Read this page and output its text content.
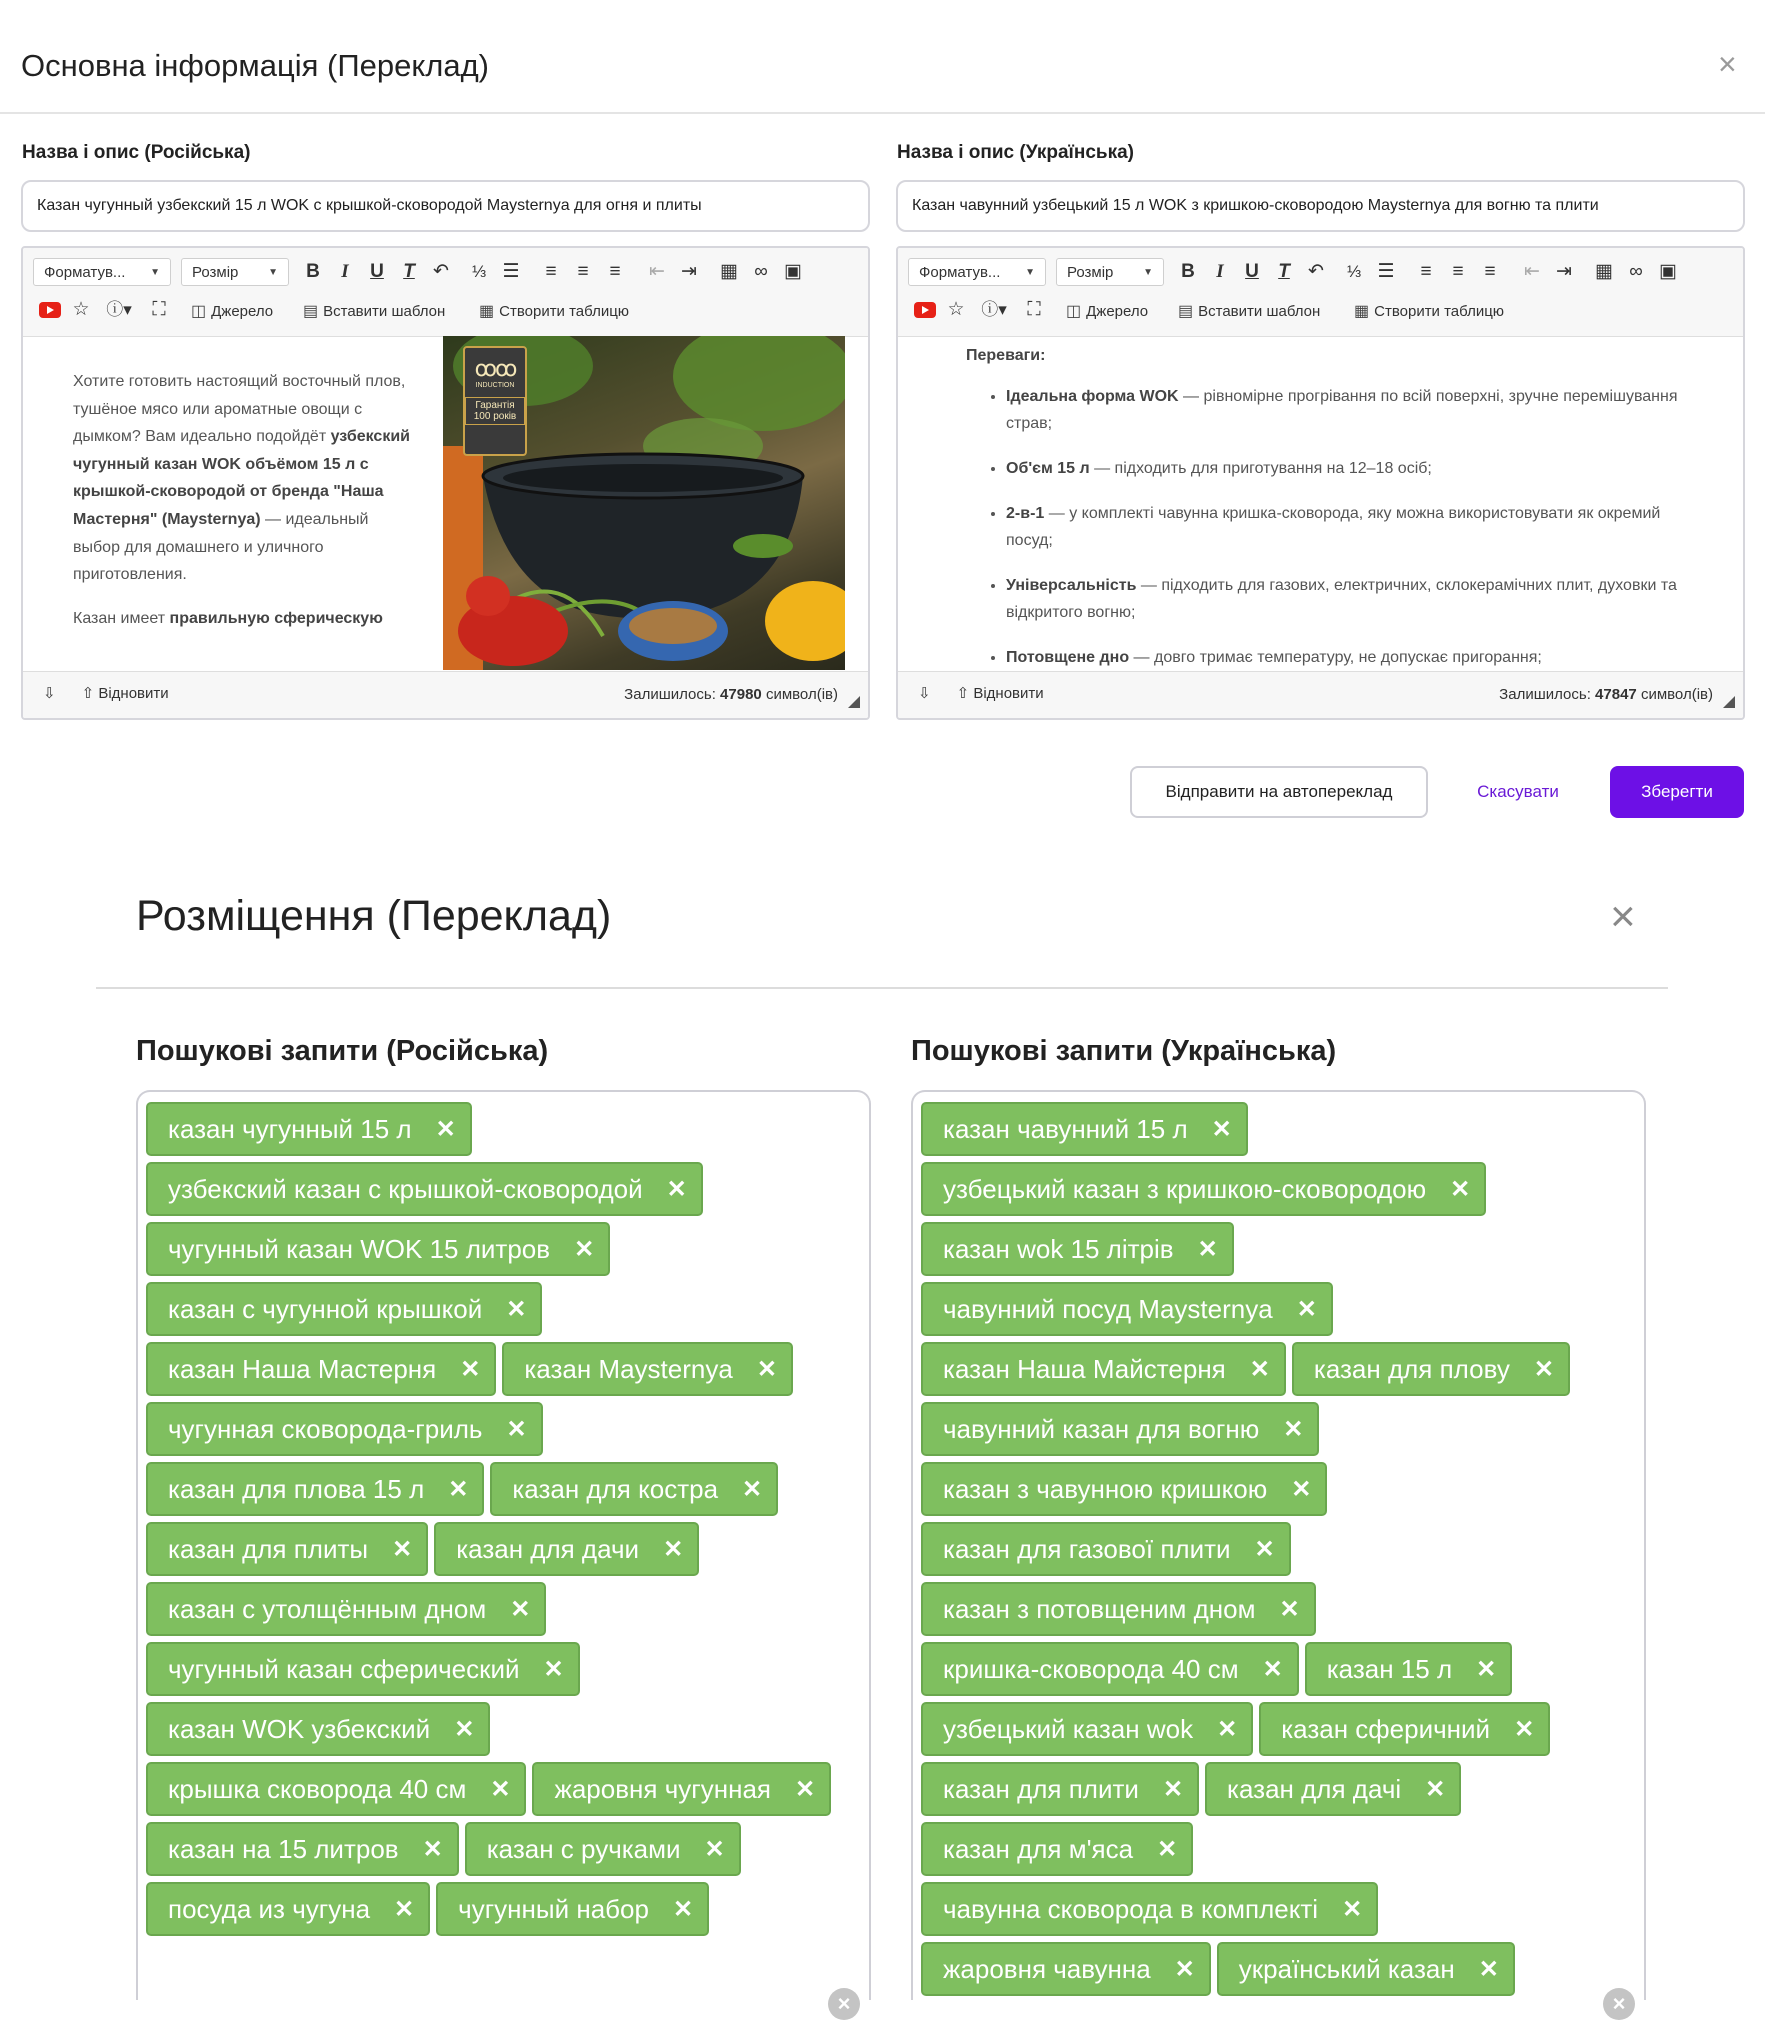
Основна інформація (Переклад)	×
Назва і опис (Російська)
Казан чугунный узбекский 15 л WOK с крышкой-сковородой Maysternya для огня и плиты
Форматув... ▼ Розмір	▼ B	I	U	T ↶ ⅓ ☰	≡	≡	≡	⇤ ⇥ ▦ ∞ ▣
☆ ⓘ▾ ⛶	◫ Джерело ▤ Вставити шаблон ▦ Створити таблицю

Хотите готовить настоящий восточный плов, тушёное мясо или ароматные овощи с дымком? Вам идеально подойдёт узбекский чугунный казан WOK объёмом 15 л с крышкой-сковородой от бренда "Наша Мастерня" (Maysternya) — идеальный выбор для домашнего и уличного приготовления.

Казан имеет правильную сферическую

ꝏꝏ
INDUCTION
Гарантія 100 років
⇩ ⇧ Відновити	Залишилось: 47980 символ(ів)
Назва і опис (Українська)
Казан чавунний узбецький 15 л WOK з кришкою-сковородою Maysternya для вогню та плити
Форматув... ▼ Розмір	▼ B	I	U	T ↶ ⅓ ☰	≡	≡	≡	⇤ ⇥ ▦ ∞ ▣
☆ ⓘ▾ ⛶	◫ Джерело ▤ Вставити шаблон ▦ Створити таблицю
Переваги:
• Ідеальна форма WOK — рівномірне прогрівання по всій поверхні, зручне перемішування страв;
• Об'єм 15 л — підходить для приготування на 12–18 осіб;
• 2-в-1 — у комплекті чавунна кришка-сковорода, яку можна використовувати як окремий посуд;
• Універсальність — підходить для газових, електричних, склокерамічних плит, духовки та відкритого вогню;
• Потовщене дно — довго тримає температуру, не допускає пригорання;
⇩ ⇧ Відновити	Залишилось: 47847 символ(ів)
Відправити на автопереклад	Скасувати	Зберегти
Розміщення (Переклад)	×
Пошукові запити (Російська)	Пошукові запити (Українська)
казан чугунный 15 л ✕
узбекский казан с крышкой-сковородой ✕
чугунный казан WOK 15 литров ✕
казан с чугунной крышкой ✕
казан Наша Мастерня ✕ казан Maysternya ✕
чугунная сковорода-гриль ✕
казан для плова 15 л ✕ казан для костра ✕
казан для плиты ✕ казан для дачи ✕
казан с утолщённым дном ✕
чугунный казан сферический ✕
казан WOK узбекский ✕
крышка сковорода 40 см ✕ жаровня чугунная ✕
казан на 15 литров ✕ казан с ручками ✕
посуда из чугуна ✕ чугунный набор ✕
×
казан чавунний 15 л ✕
узбецький казан з кришкою-сковородою ✕
казан wok 15 літрів ✕
чавунний посуд Maysternya ✕
казан Наша Майстерня ✕ казан для плову ✕
чавунний казан для вогню ✕
казан з чавунною кришкою ✕
казан для газової плити ✕
казан з потовщеним дном ✕
кришка-сковорода 40 см ✕ казан 15 л ✕
узбецький казан wok ✕ казан сферичний ✕
казан для плити ✕ казан для дачі ✕
казан для м'яса ✕
чавунна сковорода в комплекті ✕
жаровня чавунна ✕ український казан ✕
×
